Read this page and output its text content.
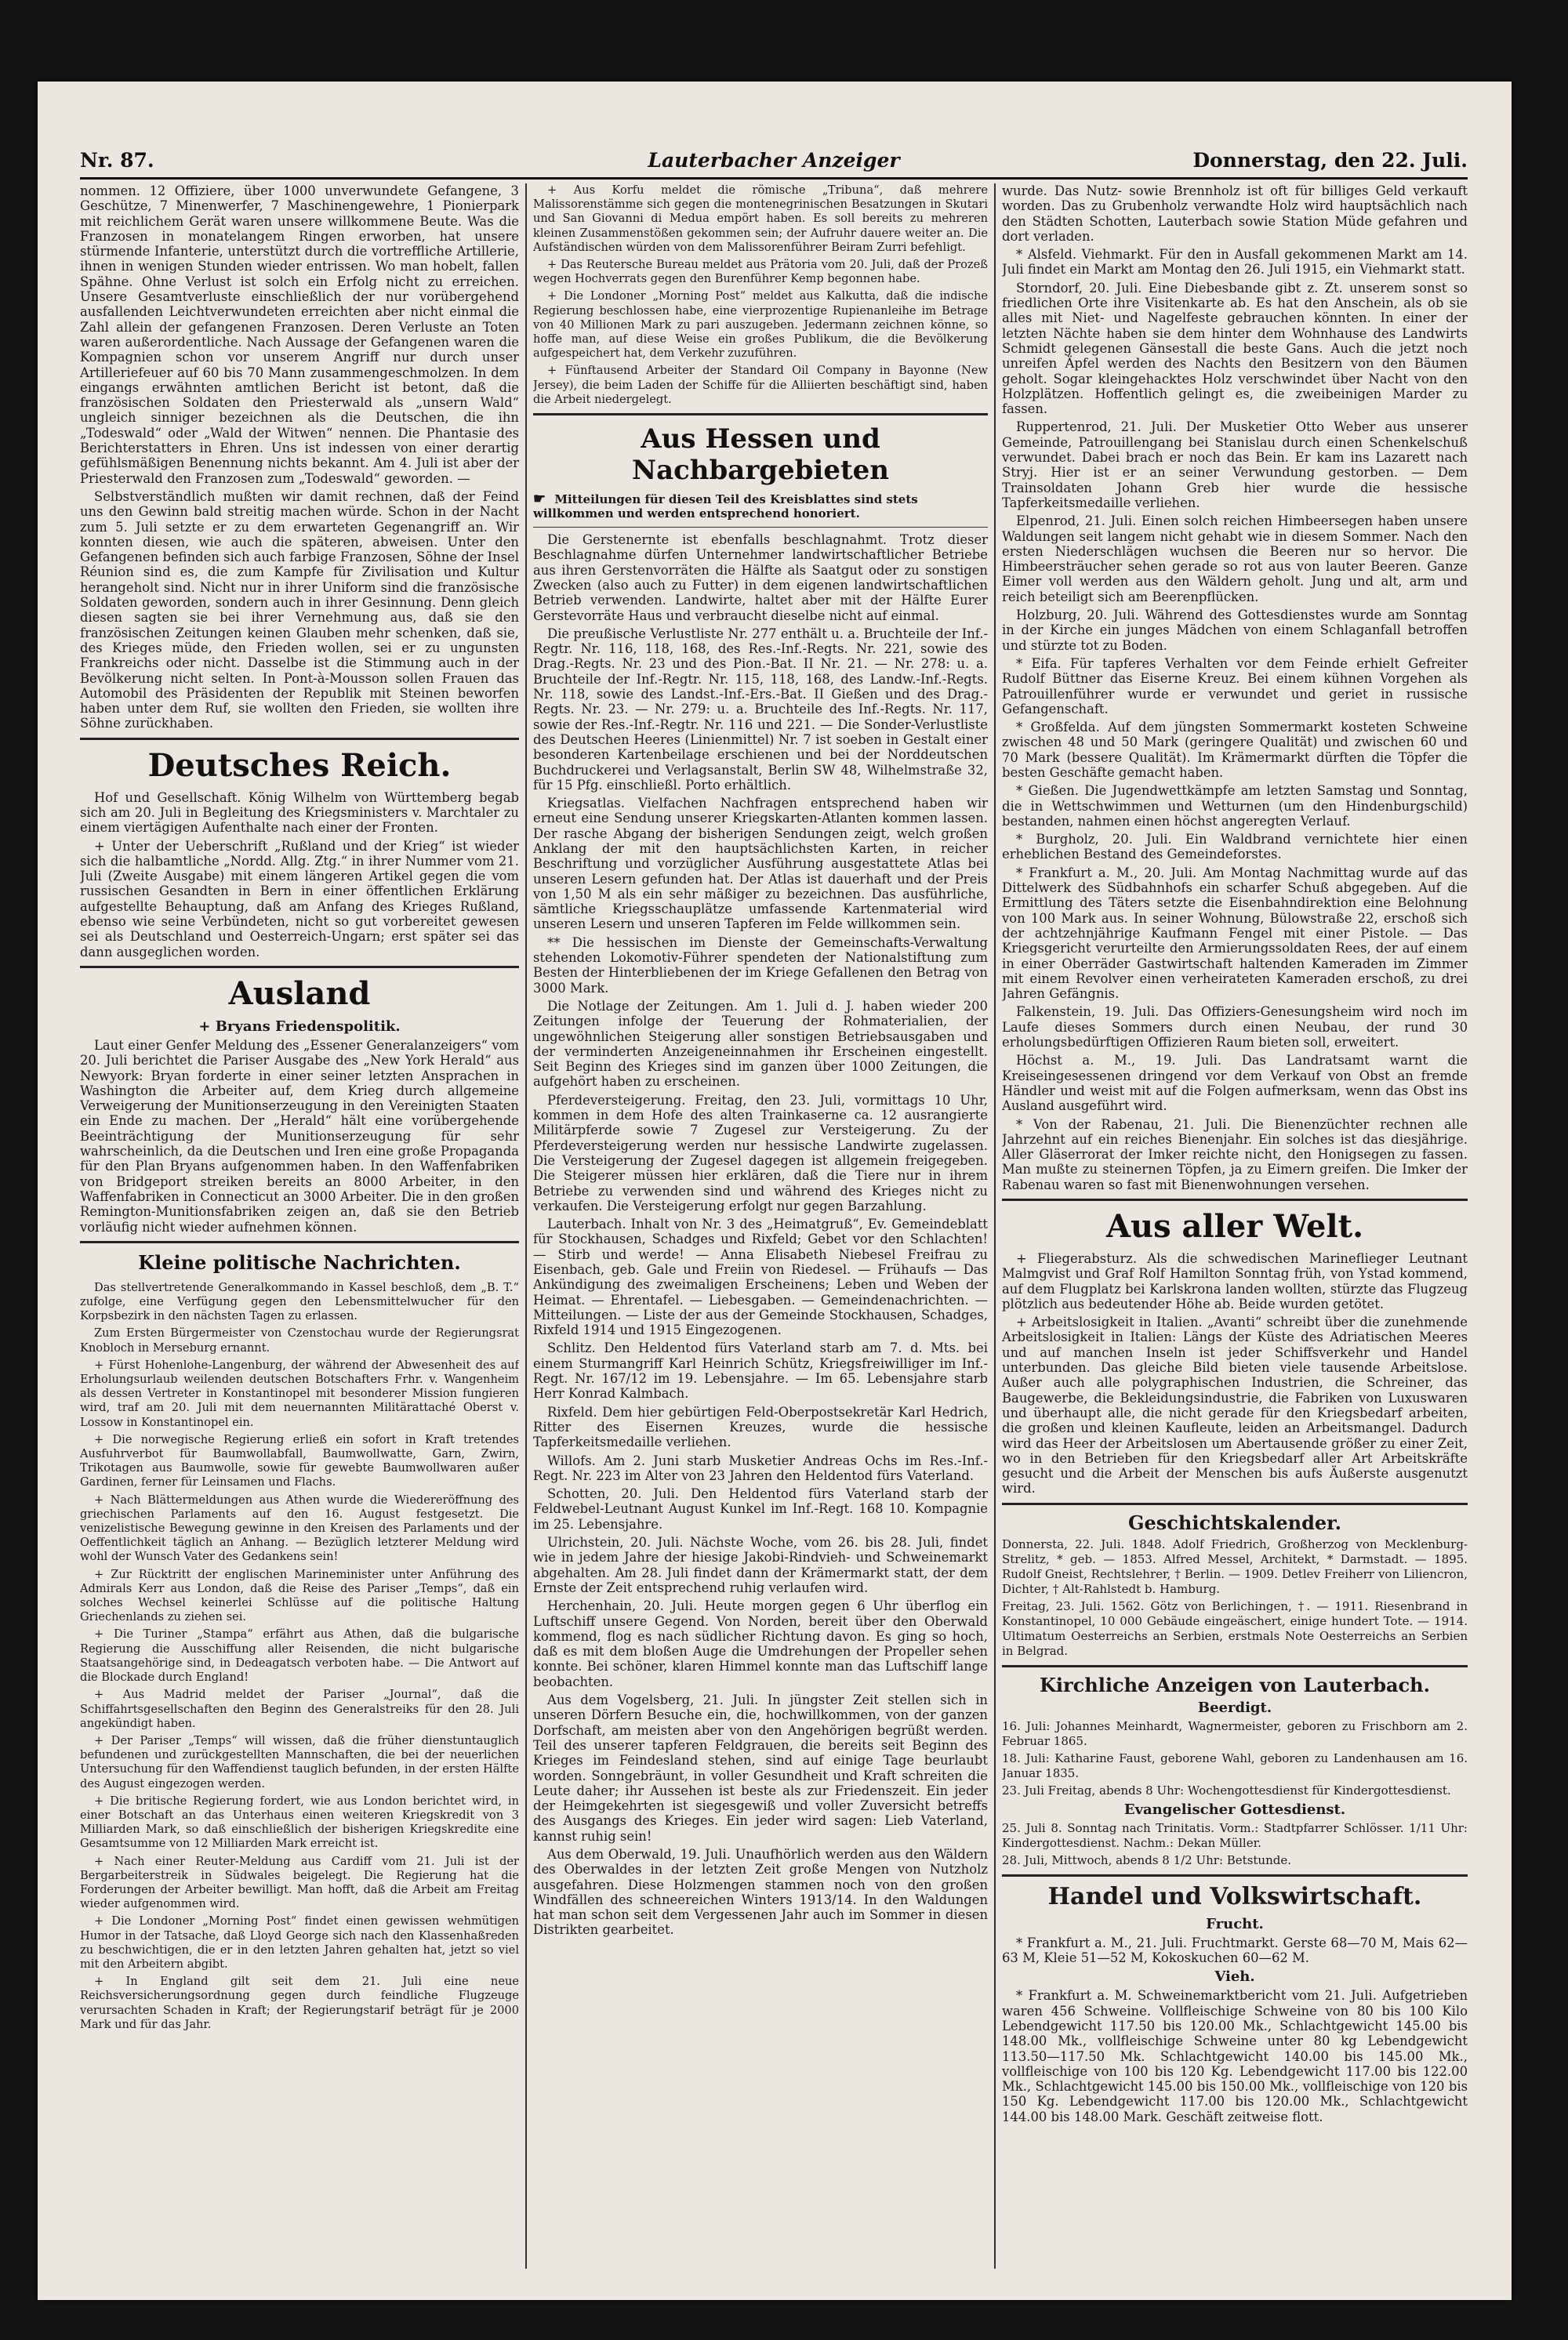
Nr. 87.	Lauterbacher Anzeiger	Donnerstag, den 22. Juli.

nommen. 12 Offiziere, über 1000 unverwundete Gefangene, 3 Geschütze, 7 Minenwerfer, 7 Maschinengewehre, 1 Pionierpark mit reichlichem Gerät waren unsere willkommene Beute. Was die Franzosen in monatelangem Ringen erworben, hat unsere stürmende Infanterie, unterstützt durch die vortreffliche Artillerie, ihnen in wenigen Stunden wieder entrissen. Wo man hobelt, fallen Spähne. Ohne Verlust ist solch ein Erfolg nicht zu erreichen. Unsere Gesamtverluste einschließlich der nur vorübergehend ausfallenden Leichtverwundeten erreichten aber nicht einmal die Zahl allein der gefangenen Franzosen. Deren Verluste an Toten waren außerordentliche. Nach Aussage der Gefangenen waren die Kompagnien schon vor unserem Angriff nur durch unser Artilleriefeuer auf 60 bis 70 Mann zusammengeschmolzen. In dem eingangs erwähnten amtlichen Bericht ist betont, daß die französischen Soldaten den Priesterwald als „unsern Wald“ ungleich sinniger bezeichnen als die Deutschen, die ihn „Todeswald“ oder „Wald der Witwen“ nennen. Die Phantasie des Berichterstatters in Ehren. Uns ist indessen von einer derartig gefühlsmäßigen Benennung nichts bekannt. Am 4. Juli ist aber der Priesterwald den Franzosen zum „Todeswald“ geworden. —

Selbstverständlich mußten wir damit rechnen, daß der Feind uns den Gewinn bald streitig machen würde. Schon in der Nacht zum 5. Juli setzte er zu dem erwarteten Gegenangriff an. Wir konnten diesen, wie auch die späteren, abweisen. Unter den Gefangenen befinden sich auch farbige Franzosen, Söhne der Insel Réunion sind es, die zum Kampfe für Zivilisation und Kultur herangeholt sind. Nicht nur in ihrer Uniform sind die französische Soldaten geworden, sondern auch in ihrer Gesinnung. Denn gleich diesen sagten sie bei ihrer Vernehmung aus, daß sie den französischen Zeitungen keinen Glauben mehr schenken, daß sie, des Krieges müde, den Frieden wollen, sei er zu ungunsten Frankreichs oder nicht. Dasselbe ist die Stimmung auch in der Bevölkerung nicht selten. In Pont-à-Mousson sollen Frauen das Automobil des Präsidenten der Republik mit Steinen beworfen haben unter dem Ruf, sie wollten den Frieden, sie wollten ihre Söhne zurückhaben.

Deutsches Reich.

Hof und Gesellschaft. König Wilhelm von Württemberg begab sich am 20. Juli in Begleitung des Kriegsministers v. Marchtaler zu einem viertägigen Aufenthalte nach einer der Fronten.

+ Unter der Ueberschrift „Rußland und der Krieg“ ist wieder sich die halbamtliche „Nordd. Allg. Ztg.“ in ihrer Nummer vom 21. Juli (Zweite Ausgabe) mit einem längeren Artikel gegen die vom russischen Gesandten in Bern in einer öffentlichen Erklärung aufgestellte Behauptung, daß am Anfang des Krieges Rußland, ebenso wie seine Verbündeten, nicht so gut vorbereitet gewesen sei als Deutschland und Oesterreich-Ungarn; erst später sei das dann ausgeglichen worden.

Ausland
+ Bryans Friedenspolitik.

Laut einer Genfer Meldung des „Essener Generalanzeigers“ vom 20. Juli berichtet die Pariser Ausgabe des „New York Herald“ aus Newyork: Bryan forderte in einer seiner letzten Ansprachen in Washington die Arbeiter auf, dem Krieg durch allgemeine Verweigerung der Munitionserzeugung in den Vereinigten Staaten ein Ende zu machen. Der „Herald“ hält eine vorübergehende Beeinträchtigung der Munitionserzeugung für sehr wahrscheinlich, da die Deutschen und Iren eine große Propaganda für den Plan Bryans aufgenommen haben. In den Waffenfabriken von Bridgeport streiken bereits an 8000 Arbeiter, in den Waffenfabriken in Connecticut an 3000 Arbeiter. Die in den großen Remington-Munitionsfabriken zeigen an, daß sie den Betrieb vorläufig nicht wieder aufnehmen können.

Kleine politische Nachrichten.

Das stellvertretende Generalkommando in Kassel beschloß, dem „B. T.“ zufolge, eine Verfügung gegen den Lebensmittelwucher für den Korpsbezirk in den nächsten Tagen zu erlassen.

Zum Ersten Bürgermeister von Czenstochau wurde der Regierungsrat Knobloch in Merseburg ernannt.

+ Fürst Hohenlohe-Langenburg, der während der Abwesenheit des auf Erholungsurlaub weilenden deutschen Botschafters Frhr. v. Wangenheim als dessen Vertreter in Konstantinopel mit besonderer Mission fungieren wird, traf am 20. Juli mit dem neuernannten Militärattaché Oberst v. Lossow in Konstantinopel ein.

+ Die norwegische Regierung erließ ein sofort in Kraft tretendes Ausfuhrverbot für Baumwollabfall, Baumwollwatte, Garn, Zwirn, Trikotagen aus Baumwolle, sowie für gewebte Baumwollwaren außer Gardinen, ferner für Leinsamen und Flachs.

+ Nach Blättermeldungen aus Athen wurde die Wiedereröffnung des griechischen Parlaments auf den 16. August festgesetzt. Die venizelistische Bewegung gewinne in den Kreisen des Parlaments und der Oeffentlichkeit täglich an Anhang. — Bezüglich letzterer Meldung wird wohl der Wunsch Vater des Gedankens sein!

+ Zur Rücktritt der englischen Marineminister unter Anführung des Admirals Kerr aus London, daß die Reise des Pariser „Temps“, daß ein solches Wechsel keinerlei Schlüsse auf die politische Haltung Griechenlands zu ziehen sei.

+ Die Turiner „Stampa“ erfährt aus Athen, daß die bulgarische Regierung die Ausschiffung aller Reisenden, die nicht bulgarische Staatsangehörige sind, in Dedeagatsch verboten habe. — Die Antwort auf die Blockade durch England!

+ Aus Madrid meldet der Pariser „Journal“, daß die Schiffahrtsgesellschaften den Beginn des Generalstreiks für den 28. Juli angekündigt haben.

+ Der Pariser „Temps“ will wissen, daß die früher dienstuntauglich befundenen und zurückgestellten Mannschaften, die bei der neuerlichen Untersuchung für den Waffendienst tauglich befunden, in der ersten Hälfte des August eingezogen werden.

+ Die britische Regierung fordert, wie aus London berichtet wird, in einer Botschaft an das Unterhaus einen weiteren Kriegskredit von 3 Milliarden Mark, so daß einschließlich der bisherigen Kriegskredite eine Gesamtsumme von 12 Milliarden Mark erreicht ist.

+ Nach einer Reuter-Meldung aus Cardiff vom 21. Juli ist der Bergarbeiterstreik in Südwales beigelegt. Die Regierung hat die Forderungen der Arbeiter bewilligt. Man hofft, daß die Arbeit am Freitag wieder aufgenommen wird.

+ Die Londoner „Morning Post“ findet einen gewissen wehmütigen Humor in der Tatsache, daß Lloyd George sich nach den Klassenhaßreden zu beschwichtigen, die er in den letzten Jahren gehalten hat, jetzt so viel mit den Arbeitern abgibt.

+ In England gilt seit dem 21. Juli eine neue Reichsversicherungsordnung gegen durch feindliche Flugzeuge verursachten Schaden in Kraft; der Regierungstarif beträgt für je 2000 Mark und für das Jahr.

+ Aus Korfu meldet die römische „Tribuna“, daß mehrere Malissorenstämme sich gegen die montenegrinischen Besatzungen in Skutari und San Giovanni di Medua empört haben. Es soll bereits zu mehreren kleinen Zusammenstößen gekommen sein; der Aufruhr dauere weiter an. Die Aufständischen würden von dem Malissorenführer Beiram Zurri befehligt.

+ Das Reutersche Bureau meldet aus Prätoria vom 20. Juli, daß der Prozeß wegen Hochverrats gegen den Burenführer Kemp begonnen habe.

+ Die Londoner „Morning Post“ meldet aus Kalkutta, daß die indische Regierung beschlossen habe, eine vierprozentige Rupienanleihe im Betrage von 40 Millionen Mark zu pari auszugeben. Jedermann zeichnen könne, so hoffe man, auf diese Weise ein großes Publikum, die die Bevölkerung aufgespeichert hat, dem Verkehr zuzuführen.

+ Fünftausend Arbeiter der Standard Oil Company in Bayonne (New Jersey), die beim Laden der Schiffe für die Alliierten beschäftigt sind, haben die Arbeit niedergelegt.

Aus Hessen und Nachbargebieten
☛ Mitteilungen für diesen Teil des Kreisblattes sind stets willkommen und werden entsprechend honoriert.

Die Gerstenernte ist ebenfalls beschlagnahmt. Trotz dieser Beschlagnahme dürfen Unternehmer landwirtschaftlicher Betriebe aus ihren Gerstenvorräten die Hälfte als Saatgut oder zu sonstigen Zwecken (also auch zu Futter) in dem eigenen landwirtschaftlichen Betrieb verwenden. Landwirte, haltet aber mit der Hälfte Eurer Gerstevorräte Haus und verbraucht dieselbe nicht auf einmal.

Die preußische Verlustliste Nr. 277 enthält u. a. Bruchteile der Inf.-Regtr. Nr. 116, 118, 168, des Res.-Inf.-Regts. Nr. 221, sowie des Drag.-Regts. Nr. 23 und des Pion.-Bat. II Nr. 21. — Nr. 278: u. a. Bruchteile der Inf.-Regtr. Nr. 115, 118, 168, des Landw.-Inf.-Regts. Nr. 118, sowie des Landst.-Inf.-Ers.-Bat. II Gießen und des Drag.-Regts. Nr. 23. — Nr. 279: u. a. Bruchteile des Inf.-Regts. Nr. 117, sowie der Res.-Inf.-Regtr. Nr. 116 und 221. — Die Sonder-Verlustliste des Deutschen Heeres (Linienmittel) Nr. 7 ist soeben in Gestalt einer besonderen Kartenbeilage erschienen und bei der Norddeutschen Buchdruckerei und Verlagsanstalt, Berlin SW 48, Wilhelmstraße 32, für 15 Pfg. einschließl. Porto erhältlich.

Kriegsatlas. Vielfachen Nachfragen entsprechend haben wir erneut eine Sendung unserer Kriegskarten-Atlanten kommen lassen. Der rasche Abgang der bisherigen Sendungen zeigt, welch großen Anklang der mit den hauptsächlichsten Karten, in reicher Beschriftung und vorzüglicher Ausführung ausgestattete Atlas bei unseren Lesern gefunden hat. Der Atlas ist dauerhaft und der Preis von 1,50 M als ein sehr mäßiger zu bezeichnen. Das ausführliche, sämtliche Kriegsschauplätze umfassende Kartenmaterial wird unseren Lesern und unseren Tapferen im Felde willkommen sein.

** Die hessischen im Dienste der Gemeinschafts-Verwaltung stehenden Lokomotiv-Führer spendeten der Nationalstiftung zum Besten der Hinterbliebenen der im Kriege Gefallenen den Betrag von 3000 Mark.

Die Notlage der Zeitungen. Am 1. Juli d. J. haben wieder 200 Zeitungen infolge der Teuerung der Rohmaterialien, der ungewöhnlichen Steigerung aller sonstigen Betriebsausgaben und der verminderten Anzeigeneinnahmen ihr Erscheinen eingestellt. Seit Beginn des Krieges sind im ganzen über 1000 Zeitungen, die aufgehört haben zu erscheinen.

Pferdeversteigerung. Freitag, den 23. Juli, vormittags 10 Uhr, kommen in dem Hofe des alten Trainkaserne ca. 12 ausrangierte Militärpferde sowie 7 Zugesel zur Versteigerung. Zu der Pferdeversteigerung werden nur hessische Landwirte zugelassen. Die Versteigerung der Zugesel dagegen ist allgemein freigegeben. Die Steigerer müssen hier erklären, daß die Tiere nur in ihrem Betriebe zu verwenden sind und während des Krieges nicht zu verkaufen. Die Versteigerung erfolgt nur gegen Barzahlung.

Lauterbach. Inhalt von Nr. 3 des „Heimatgruß“, Ev. Gemeindeblatt für Stockhausen, Schadges und Rixfeld; Gebet vor den Schlachten! — Stirb und werde! — Anna Elisabeth Niebesel Freifrau zu Eisenbach, geb. Gale und Freiin von Riedesel. — Frühaufs — Das Ankündigung des zweimaligen Erscheinens; Leben und Weben der Heimat. — Ehrentafel. — Liebesgaben. — Gemeindenachrichten. — Mitteilungen. — Liste der aus der Gemeinde Stockhausen, Schadges, Rixfeld 1914 und 1915 Eingezogenen.

Schlitz. Den Heldentod fürs Vaterland starb am 7. d. Mts. bei einem Sturmangriff Karl Heinrich Schütz, Kriegsfreiwilliger im Inf.-Regt. Nr. 167/12 im 19. Lebensjahre. — Im 65. Lebensjahre starb Herr Konrad Kalmbach.

Rixfeld. Dem hier gebürtigen Feld-Oberpostsekretär Karl Hedrich, Ritter des Eisernen Kreuzes, wurde die hessische Tapferkeitsmedaille verliehen.

Willofs. Am 2. Juni starb Musketier Andreas Ochs im Res.-Inf.-Regt. Nr. 223 im Alter von 23 Jahren den Heldentod fürs Vaterland.

Schotten, 20. Juli. Den Heldentod fürs Vaterland starb der Feldwebel-Leutnant August Kunkel im Inf.-Regt. 168 10. Kompagnie im 25. Lebensjahre.

Ulrichstein, 20. Juli. Nächste Woche, vom 26. bis 28. Juli, findet wie in jedem Jahre der hiesige Jakobi-Rindvieh- und Schweinemarkt abgehalten. Am 28. Juli findet dann der Krämermarkt statt, der dem Ernste der Zeit entsprechend ruhig verlaufen wird.

Herchenhain, 20. Juli. Heute morgen gegen 6 Uhr überflog ein Luftschiff unsere Gegend. Von Norden, bereit über den Oberwald kommend, flog es nach südlicher Richtung davon. Es ging so hoch, daß es mit dem bloßen Auge die Umdrehungen der Propeller sehen konnte. Bei schöner, klaren Himmel konnte man das Luftschiff lange beobachten.

Aus dem Vogelsberg, 21. Juli. In jüngster Zeit stellen sich in unseren Dörfern Besuche ein, die, hochwillkommen, von der ganzen Dorfschaft, am meisten aber von den Angehörigen begrüßt werden. Teil des unserer tapferen Feldgrauen, die bereits seit Beginn des Krieges im Feindesland stehen, sind auf einige Tage beurlaubt worden. Sonngebräunt, in voller Gesundheit und Kraft schreiten die Leute daher; ihr Aussehen ist beste als zur Friedenszeit. Ein jeder der Heimgekehrten ist siegesgewiß und voller Zuversicht betreffs des Ausgangs des Krieges. Ein jeder wird sagen: Lieb Vaterland, kannst ruhig sein!

Aus dem Oberwald, 19. Juli. Unaufhörlich werden aus den Wäldern des Oberwaldes in der letzten Zeit große Mengen von Nutzholz ausgefahren. Diese Holzmengen stammen noch von den großen Windfällen des schneereichen Winters 1913/14. In den Waldungen hat man schon seit dem Vergessenen Jahr auch im Sommer in diesen Distrikten gearbeitet.

wurde. Das Nutz- sowie Brennholz ist oft für billiges Geld verkauft worden. Das zu Grubenholz verwandte Holz wird hauptsächlich nach den Städten Schotten, Lauterbach sowie Station Müde gefahren und dort verladen.

* Alsfeld. Viehmarkt. Für den in Ausfall gekommenen Markt am 14. Juli findet ein Markt am Montag den 26. Juli 1915, ein Viehmarkt statt.

Storndorf, 20. Juli. Eine Diebesbande gibt z. Zt. unserem sonst so friedlichen Orte ihre Visitenkarte ab. Es hat den Anschein, als ob sie alles mit Niet- und Nagelfeste gebrauchen könnten. In einer der letzten Nächte haben sie dem hinter dem Wohnhause des Landwirts Schmidt gelegenen Gänsestall die beste Gans. Auch die jetzt noch unreifen Äpfel werden des Nachts den Besitzern von den Bäumen geholt. Sogar kleingehacktes Holz verschwindet über Nacht von den Holzplätzen. Hoffentlich gelingt es, die zweibeinigen Marder zu fassen.

Ruppertenrod, 21. Juli. Der Musketier Otto Weber aus unserer Gemeinde, Patrouillengang bei Stanislau durch einen Schenkelschuß verwundet. Dabei brach er noch das Bein. Er kam ins Lazarett nach Stryj. Hier ist er an seiner Verwundung gestorben. — Dem Trainsoldaten Johann Greb hier wurde die hessische Tapferkeitsmedaille verliehen.

Elpenrod, 21. Juli. Einen solch reichen Himbeersegen haben unsere Waldungen seit langem nicht gehabt wie in diesem Sommer. Nach den ersten Niederschlägen wuchsen die Beeren nur so hervor. Die Himbeersträucher sehen gerade so rot aus von lauter Beeren. Ganze Eimer voll werden aus den Wäldern geholt. Jung und alt, arm und reich beteiligt sich am Beerenpflücken.

Holzburg, 20. Juli. Während des Gottesdienstes wurde am Sonntag in der Kirche ein junges Mädchen von einem Schlaganfall betroffen und stürzte tot zu Boden.

* Eifa. Für tapferes Verhalten vor dem Feinde erhielt Gefreiter Rudolf Büttner das Eiserne Kreuz. Bei einem kühnen Vorgehen als Patrouillenführer wurde er verwundet und geriet in russische Gefangenschaft.

* Großfelda. Auf dem jüngsten Sommermarkt kosteten Schweine zwischen 48 und 50 Mark (geringere Qualität) und zwischen 60 und 70 Mark (bessere Qualität). Im Krämermarkt dürften die Töpfer die besten Geschäfte gemacht haben.

* Gießen. Die Jugendwettkämpfe am letzten Samstag und Sonntag, die in Wettschwimmen und Wetturnen (um den Hindenburgschild) bestanden, nahmen einen höchst angeregten Verlauf.

* Burgholz, 20. Juli. Ein Waldbrand vernichtete hier einen erheblichen Bestand des Gemeindeforstes.

* Frankfurt a. M., 20. Juli. Am Montag Nachmittag wurde auf das Dittelwerk des Südbahnhofs ein scharfer Schuß abgegeben. Auf die Ermittlung des Täters setzte die Eisenbahndirektion eine Belohnung von 100 Mark aus. In seiner Wohnung, Bülowstraße 22, erschoß sich der achtzehnjährige Kaufmann Fengel mit einer Pistole. — Das Kriegsgericht verurteilte den Armierungssoldaten Rees, der auf einem in einer Oberräder Gastwirtschaft haltenden Kameraden im Zimmer mit einem Revolver einen verheirateten Kameraden erschoß, zu drei Jahren Gefängnis.

Falkenstein, 19. Juli. Das Offiziers-Genesungsheim wird noch im Laufe dieses Sommers durch einen Neubau, der rund 30 erholungsbedürftigen Offizieren Raum bieten soll, erweitert.

Höchst a. M., 19. Juli. Das Landratsamt warnt die Kreiseingesessenen dringend vor dem Verkauf von Obst an fremde Händler und weist mit auf die Folgen aufmerksam, wenn das Obst ins Ausland ausgeführt wird.

* Von der Rabenau, 21. Juli. Die Bienenzüchter rechnen alle Jahrzehnt auf ein reiches Bienenjahr. Ein solches ist das diesjährige. Aller Gläserrorat der Imker reichte nicht, den Honigsegen zu fassen. Man mußte zu steinernen Töpfen, ja zu Eimern greifen. Die Imker der Rabenau waren so fast mit Bienenwohnungen versehen.

Aus aller Welt.

+ Fliegerabsturz. Als die schwedischen Marineflieger Leutnant Malmgvist und Graf Rolf Hamilton Sonntag früh, von Ystad kommend, auf dem Flugplatz bei Karlskrona landen wollten, stürzte das Flugzeug plötzlich aus bedeutender Höhe ab. Beide wurden getötet.

+ Arbeitslosigkeit in Italien. „Avanti“ schreibt über die zunehmende Arbeitslosigkeit in Italien: Längs der Küste des Adriatischen Meeres und auf manchen Inseln ist jeder Schiffsverkehr und Handel unterbunden. Das gleiche Bild bieten viele tausende Arbeitslose. Außer auch alle polygraphischen Industrien, die Schreiner, das Baugewerbe, die Bekleidungsindustrie, die Fabriken von Luxuswaren und überhaupt alle, die nicht gerade für den Kriegsbedarf arbeiten, die großen und kleinen Kaufleute, leiden an Arbeitsmangel. Dadurch wird das Heer der Arbeitslosen um Abertausende größer zu einer Zeit, wo in den Betrieben für den Kriegsbedarf aller Art Arbeitskräfte gesucht und die Arbeit der Menschen bis aufs Äußerste ausgenutzt wird.

Geschichtskalender.
Donnersta, 22. Juli. 1848. Adolf Friedrich, Großherzog von Mecklenburg-Strelitz, * geb. — 1853. Alfred Messel, Architekt, * Darmstadt. — 1895. Rudolf Gneist, Rechtslehrer, † Berlin. — 1909. Detlev Freiherr von Liliencron, Dichter, † Alt-Rahlstedt b. Hamburg.
Freitag, 23. Juli. 1562. Götz von Berlichingen, †. — 1911. Riesenbrand in Konstantinopel, 10 000 Gebäude eingeäschert, einige hundert Tote. — 1914. Ultimatum Oesterreichs an Serbien, erstmals Note Oesterreichs an Serbien in Belgrad.
Kirchliche Anzeigen von Lauterbach.
Beerdigt.
16. Juli: Johannes Meinhardt, Wagnermeister, geboren zu Frischborn am 2. Februar 1865.
18. Juli: Katharine Faust, geborene Wahl, geboren zu Landenhausen am 16. Januar 1835.
23. Juli Freitag, abends 8 Uhr: Wochengottesdienst für Kindergottesdienst.
Evangelischer Gottesdienst.
25. Juli 8. Sonntag nach Trinitatis. Vorm.: Stadtpfarrer Schlösser. 1/11 Uhr: Kindergottesdienst. Nachm.: Dekan Müller.
28. Juli, Mittwoch, abends 8 1/2 Uhr: Betstunde.
Handel und Volkswirtschaft.
Frucht.

* Frankfurt a. M., 21. Juli. Fruchtmarkt. Gerste 68—70 M, Mais 62—63 M, Kleie 51—52 M, Kokoskuchen 60—62 M.

Vieh.

* Frankfurt a. M. Schweinemarktbericht vom 21. Juli. Aufgetrieben waren 456 Schweine. Vollfleischige Schweine von 80 bis 100 Kilo Lebendgewicht 117.50 bis 120.00 Mk., Schlachtgewicht 145.00 bis 148.00 Mk., vollfleischige Schweine unter 80 kg Lebendgewicht 113.50—117.50 Mk. Schlachtgewicht 140.00 bis 145.00 Mk., vollfleischige von 100 bis 120 Kg. Lebendgewicht 117.00 bis 122.00 Mk., Schlachtgewicht 145.00 bis 150.00 Mk., vollfleischige von 120 bis 150 Kg. Lebendgewicht 117.00 bis 120.00 Mk., Schlachtgewicht 144.00 bis 148.00 Mark. Geschäft zeitweise flott.
